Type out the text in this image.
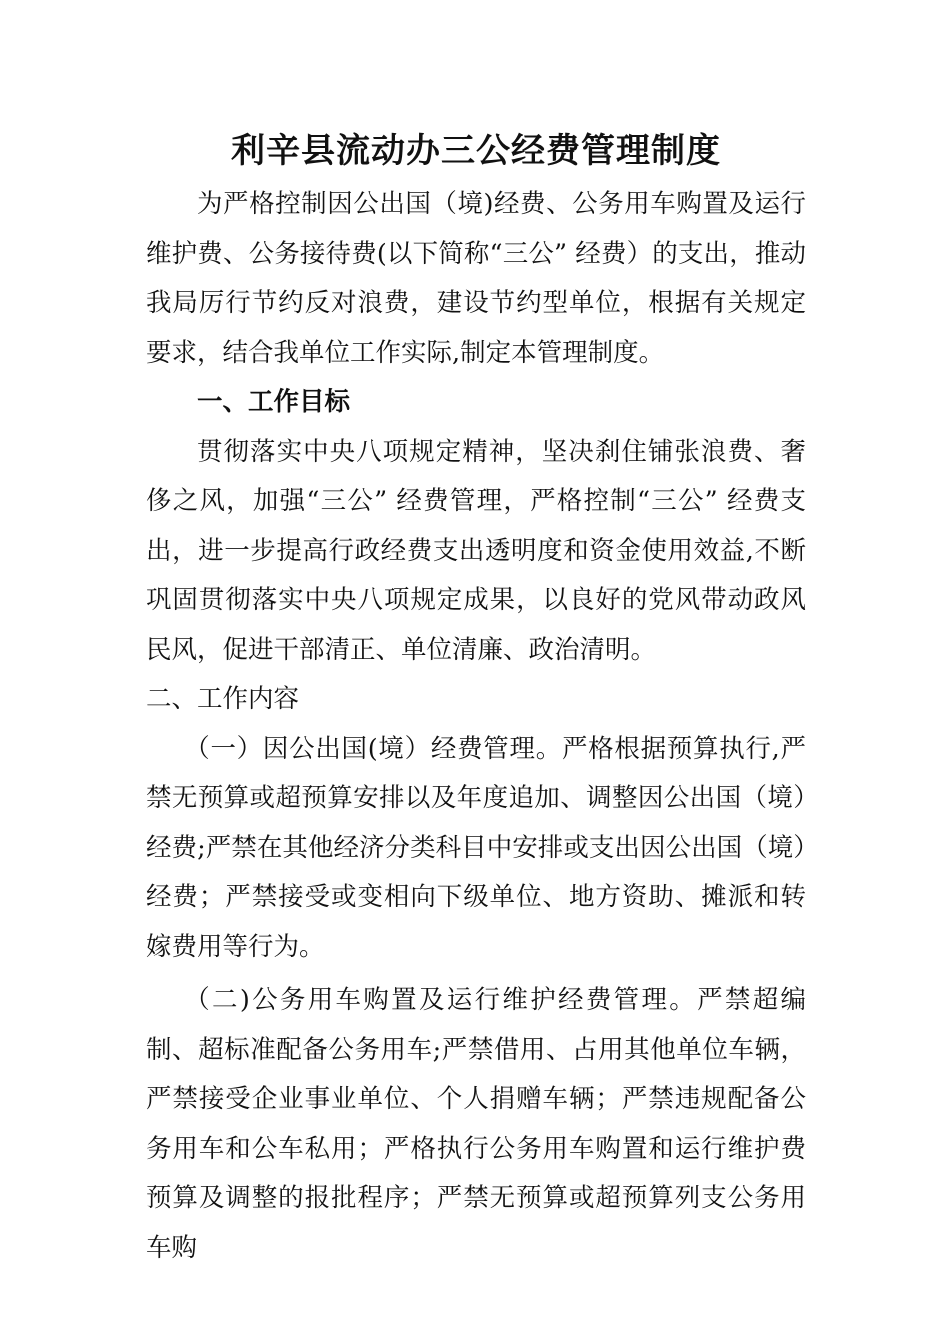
利辛县流动办三公经费管理制度

为严格控制因公出国（境)经费、公务用车购置及运行维护费、公务接待费(以下简称“三公” 经费）的支出，推动我局厉行节约反对浪费，建设节约型单位，根据有关规定要求，结合我单位工作实际,制定本管理制度。

一、工作目标

贯彻落实中央八项规定精神，坚决刹住铺张浪费、奢侈之风，加强“三公” 经费管理，严格控制“三公” 经费支出，进一步提高行政经费支出透明度和资金使用效益,不断巩固贯彻落实中央八项规定成果，以良好的党风带动政风民风，促进干部清正、单位清廉、政治清明。

二、工作内容

（一）因公出国(境）经费管理。严格根据预算执行,严禁无预算或超预算安排以及年度追加、调整因公出国（境）经费;严禁在其他经济分类科目中安排或支出因公出国（境）经费；严禁接受或变相向下级单位、地方资助、摊派和转嫁费用等行为。

（二)公务用车购置及运行维护经费管理。严禁超编制、超标准配备公务用车;严禁借用、占用其他单位车辆，严禁接受企业事业单位、个人捐赠车辆；严禁违规配备公务用车和公车私用；严格执行公务用车购置和运行维护费预算及调整的报批程序；严禁无预算或超预算列支公务用车购
